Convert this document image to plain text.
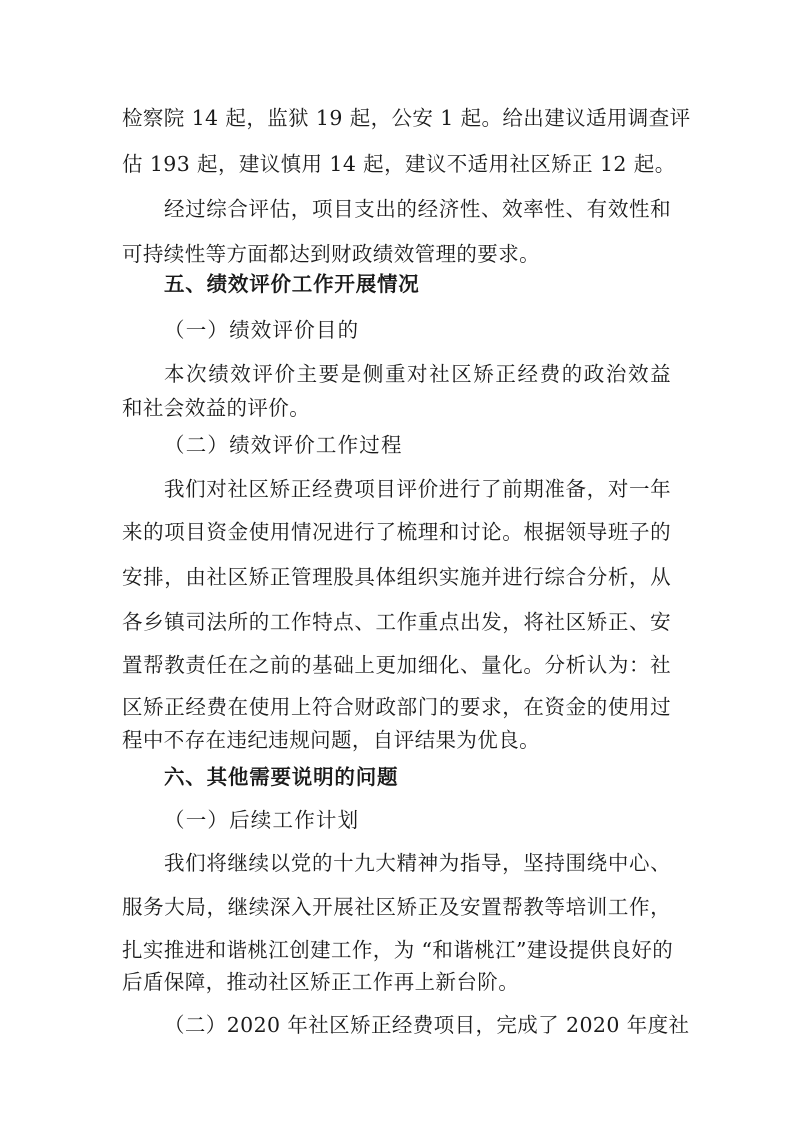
检察院 14 起，监狱 19 起，公安 1 起。给出建议适用调查评
估 193 起，建议慎用 14 起，建议不适用社区矫正 12 起。
经过综合评估，项目支出的经济性、效率性、有效性和
可持续性等方面都达到财政绩效管理的要求。
五、绩效评价工作开展情况
（一）绩效评价目的
本次绩效评价主要是侧重对社区矫正经费的政治效益
和社会效益的评价。
（二）绩效评价工作过程
我们对社区矫正经费项目评价进行了前期准备，对一年
来的项目资金使用情况进行了梳理和讨论。根据领导班子的
安排，由社区矫正管理股具体组织实施并进行综合分析，从
各乡镇司法所的工作特点、工作重点出发，将社区矫正、安
置帮教责任在之前的基础上更加细化、量化。分析认为：社
区矫正经费在使用上符合财政部门的要求，在资金的使用过
程中不存在违纪违规问题，自评结果为优良。
六、其他需要说明的问题
（一）后续工作计划
我们将继续以党的十九大精神为指导，坚持围绕中心、
服务大局，继续深入开展社区矫正及安置帮教等培训工作，
扎实推进和谐桃江创建工作，为 “和谐桃江”建设提供良好的
后盾保障，推动社区矫正工作再上新台阶。
（二）2020 年社区矫正经费项目，完成了 2020 年度社
